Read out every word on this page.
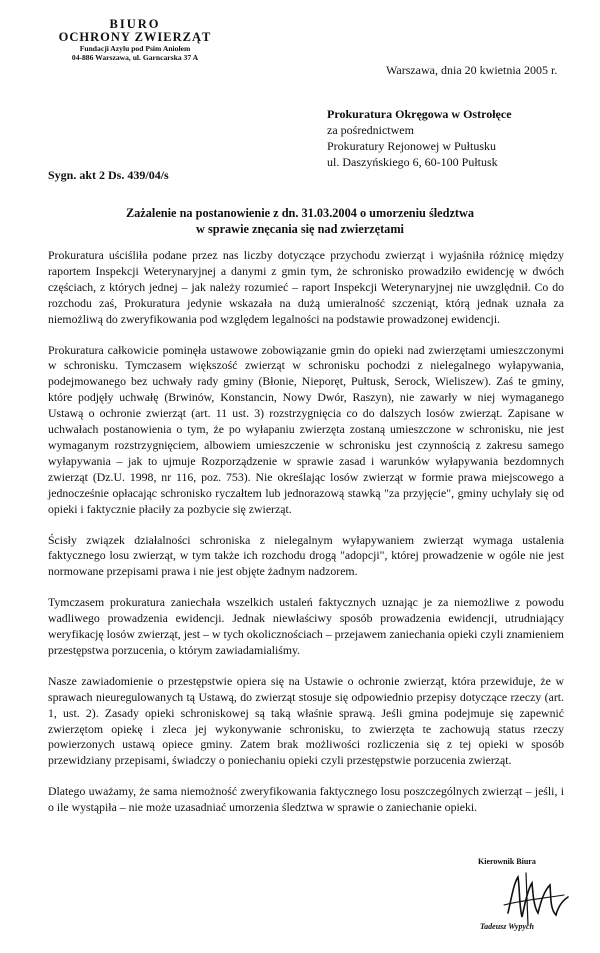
BIURO
OCHRONY ZWIERZĄT
Fundacji Azylu pod Psim Aniołem
04-886 Warszawa, ul. Garncarska 37 A
Warszawa, dnia 20 kwietnia 2005 r.
Prokuratura Okręgowa w Ostrołęce
za pośrednictwem
Prokuratury Rejonowej w Pułtusku
ul. Daszyńskiego 6, 60-100 Pułtusk
Sygn. akt 2 Ds. 439/04/s
Zażalenie na postanowienie z dn. 31.03.2004 o umorzeniu śledztwa
w sprawie znęcania się nad zwierzętami

Prokuratura uściśliła podane przez nas liczby dotyczące przychodu zwierząt i wyjaśniła różnicę między raportem Inspekcji Weterynaryjnej a danymi z gmin tym, że schronisko prowadziło ewidencję w dwóch częściach, z których jednej – jak należy rozumieć – raport Inspekcji Weterynaryjnej nie uwzględnił. Co do rozchodu zaś, Prokuratura jedynie wskazała na dużą umieralność szczeniąt, którą jednak uznała za niemożliwą do zweryfikowania pod względem legalności na podstawie prowadzonej ewidencji.

Prokuratura całkowicie pominęła ustawowe zobowiązanie gmin do opieki nad zwierzętami umieszczonymi w schronisku. Tymczasem większość zwierząt w schronisku pochodzi z nielegalnego wyłapywania, podejmowanego bez uchwały rady gminy (Błonie, Nieporęt, Pułtusk, Serock, Wieliszew). Zaś te gminy, które podjęły uchwałę (Brwinów, Konstancin, Nowy Dwór, Raszyn), nie zawarły w niej wymaganego Ustawą o ochronie zwierząt (art. 11 ust. 3) rozstrzygnięcia co do dalszych losów zwierząt. Zapisane w uchwałach postanowienia o tym, że po wyłapaniu zwierzęta zostaną umieszczone w schronisku, nie jest wymaganym rozstrzygnięciem, albowiem umieszczenie w schronisku jest czynnością z zakresu samego wyłapywania – jak to ujmuje Rozporządzenie w sprawie zasad i warunków wyłapywania bezdomnych zwierząt (Dz.U. 1998, nr 116, poz. 753). Nie określając losów zwierząt w formie prawa miejscowego a jednocześnie opłacając schronisko ryczałtem lub jednorazową stawką "za przyjęcie", gminy uchylały się od opieki i faktycznie płaciły za pozbycie się zwierząt.

Ścisły związek działalności schroniska z nielegalnym wyłapywaniem zwierząt wymaga ustalenia faktycznego losu zwierząt, w tym także ich rozchodu drogą "adopcji", której prowadzenie w ogóle nie jest normowane przepisami prawa i nie jest objęte żadnym nadzorem.

Tymczasem prokuratura zaniechała wszelkich ustaleń faktycznych uznając je za niemożliwe z powodu wadliwego prowadzenia ewidencji. Jednak niewłaściwy sposób prowadzenia ewidencji, utrudniający weryfikację losów zwierząt, jest – w tych okolicznościach – przejawem zaniechania opieki czyli znamieniem przestępstwa porzucenia, o którym zawiadamialiśmy.

Nasze zawiadomienie o przestępstwie opiera się na Ustawie o ochronie zwierząt, która przewiduje, że w sprawach nieuregulowanych tą Ustawą, do zwierząt stosuje się odpowiednio przepisy dotyczące rzeczy (art. 1, ust. 2). Zasady opieki schroniskowej są taką właśnie sprawą. Jeśli gmina podejmuje się zapewnić zwierzętom opiekę i zleca jej wykonywanie schronisku, to zwierzęta te zachowują status rzeczy powierzonych ustawą opiece gminy. Zatem brak możliwości rozliczenia się z tej opieki w sposób przewidziany przepisami, świadczy o poniechaniu opieki czyli przestępstwie porzucenia zwierząt.

Dlatego uważamy, że sama niemożność zweryfikowania faktycznego losu poszczególnych zwierząt – jeśli, i o ile wystąpiła – nie może uzasadniać umorzenia śledztwa w sprawie o zaniechanie opieki.

Kierownik Biura
Tadeusz Wypych
